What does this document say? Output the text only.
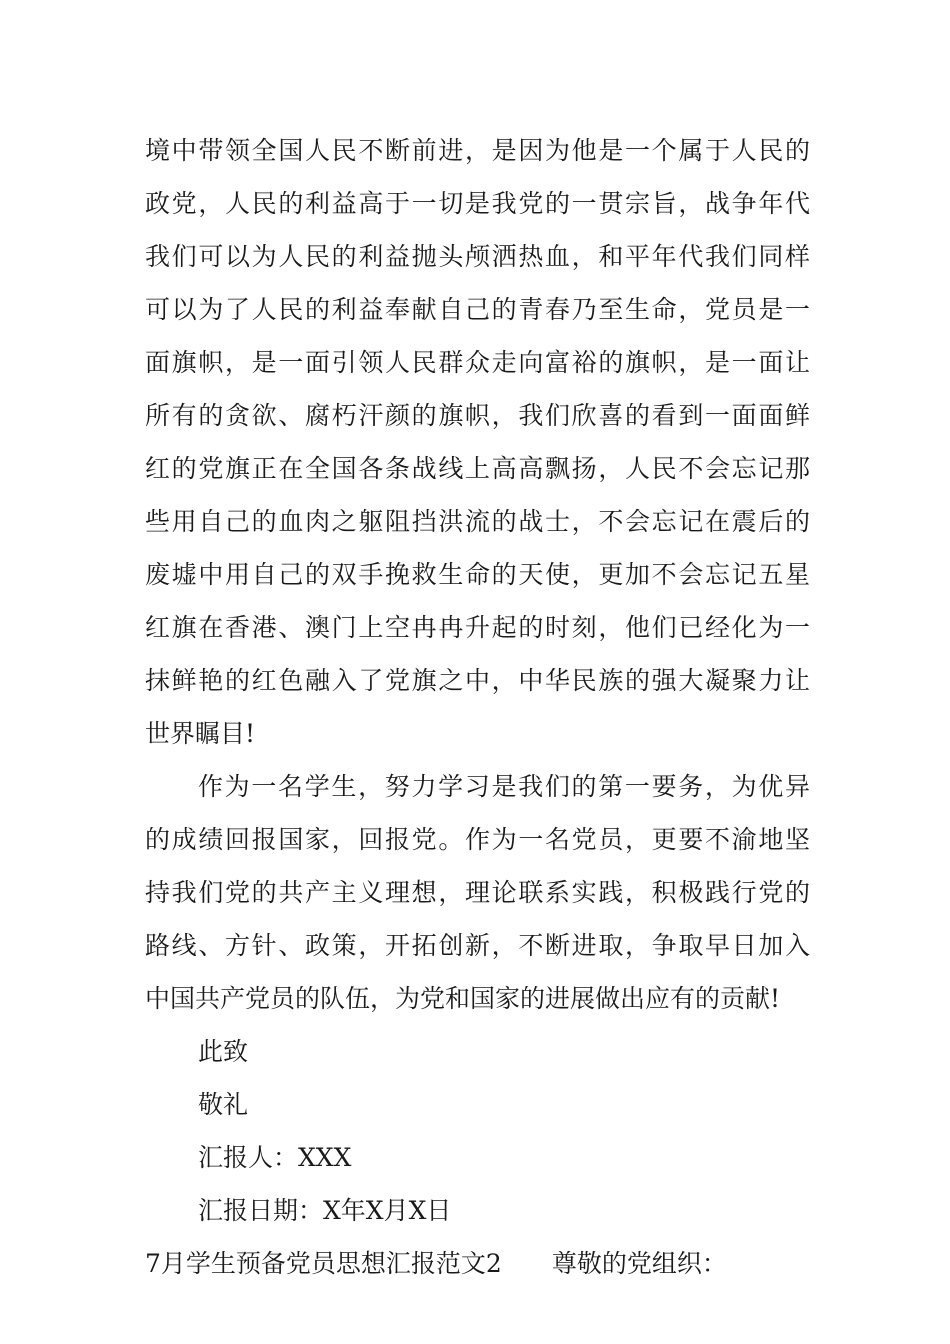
境中带领全国人民不断前进，是因为他是一个属于人民的
政党，人民的利益高于一切是我党的一贯宗旨，战争年代
我们可以为人民的利益抛头颅洒热血，和平年代我们同样
可以为了人民的利益奉献自己的青春乃至生命，党员是一
面旗帜，是一面引领人民群众走向富裕的旗帜，是一面让
所有的贪欲、腐朽汗颜的旗帜，我们欣喜的看到一面面鲜
红的党旗正在全国各条战线上高高飘扬，人民不会忘记那
些用自己的血肉之躯阻挡洪流的战士，不会忘记在震后的
废墟中用自己的双手挽救生命的天使，更加不会忘记五星
红旗在香港、澳门上空冉冉升起的时刻，他们已经化为一
抹鲜艳的红色融入了党旗之中，中华民族的强大凝聚力让
世界瞩目!
作为一名学生，努力学习是我们的第一要务，为优异
的成绩回报国家，回报党。作为一名党员，更要不渝地坚
持我们党的共产主义理想，理论联系实践，积极践行党的
路线、方针、政策，开拓创新，不断进取，争取早日加入
中国共产党员的队伍，为党和国家的进展做出应有的贡献!
此致
敬礼
汇报人：XXX
汇报日期：X年X月X日
7月学生预备党员思想汇报范文2 尊敬的党组织：
